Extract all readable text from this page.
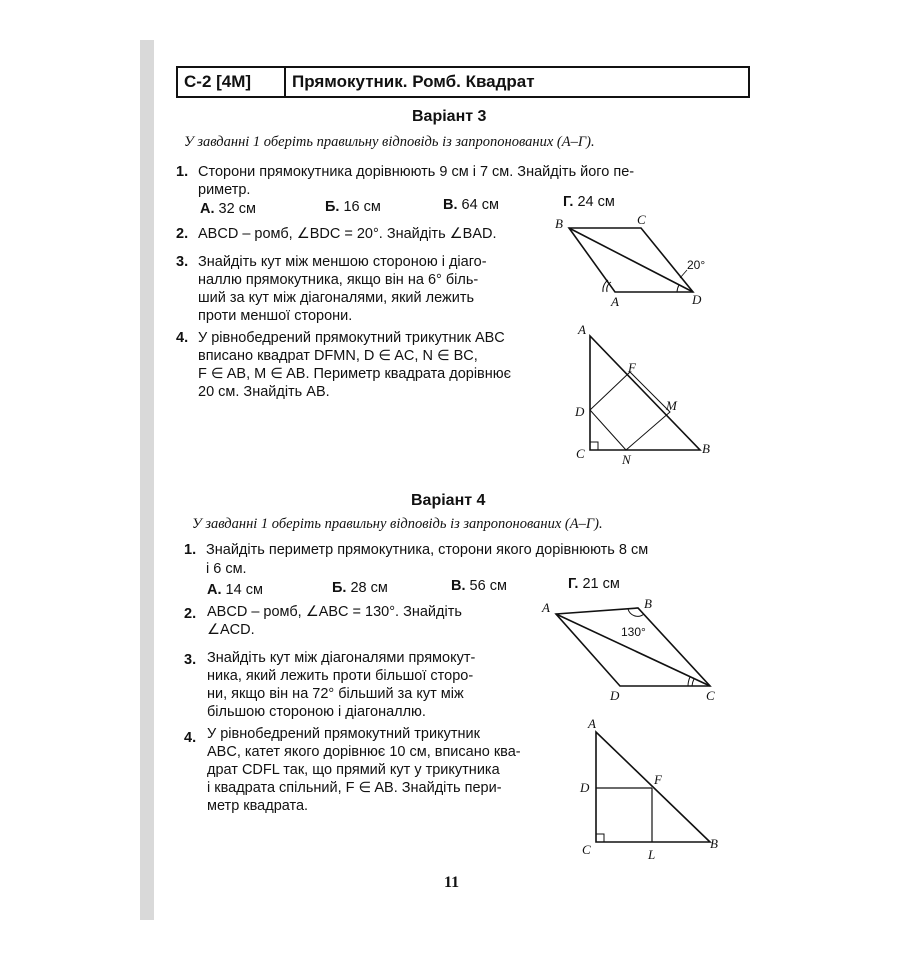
С-2 [4М]	Прямокутник. Ромб. Квадрат
Варіант 3
У завданні 1 оберіть правильну відповідь із запропонованих (А–Г).
1. Сторони прямокутника дорівнюють 9 см і 7 см. Знайдіть його пе-
риметр.
А. 32 см	Б. 16 см	В. 64 см	Г. 24 см
2. ABCD – ромб, ∠BDC = 20°. Знайдіть ∠BAD.
3. Знайдіть кут між меншою стороною і діаго-
наллю прямокутника, якщо він на 6° біль-
ший за кут між діагоналями, який лежить
проти меншої сторони.
4. У рівнобедрений прямокутний трикутник ABC
вписано квадрат DFMN, D ∈ AC, N ∈ BC,
F ∈ AB, M ∈ AB. Периметр квадрата дорівнює
20 см. Знайдіть AB.
B	C
A	D
20°
A
F
M
D
C	N
B
Варіант 4
У завданні 1 оберіть правильну відповідь із запропонованих (А–Г).
1. Знайдіть периметр прямокутника, сторони якого дорівнюють 8 см
і 6 см.
А. 14 см	Б. 28 см	В. 56 см	Г. 21 см
2. ABCD – ромб, ∠ABC = 130°. Знайдіть
∠ACD.
3. Знайдіть кут між діагоналями прямокут-
ника, який лежить проти більшої сторо-
ни, якщо він на 72° більший за кут між
більшою стороною і діагоналлю.
4. У рівнобедрений прямокутний трикутник
ABC, катет якого дорівнює 10 см, вписано ква-
драт CDFL так, що прямий кут у трикутника
і квадрата спільний, F ∈ AB. Знайдіть пери-
метр квадрата.
A	B
D	C
130°
A
D
F
C	L
B
11
